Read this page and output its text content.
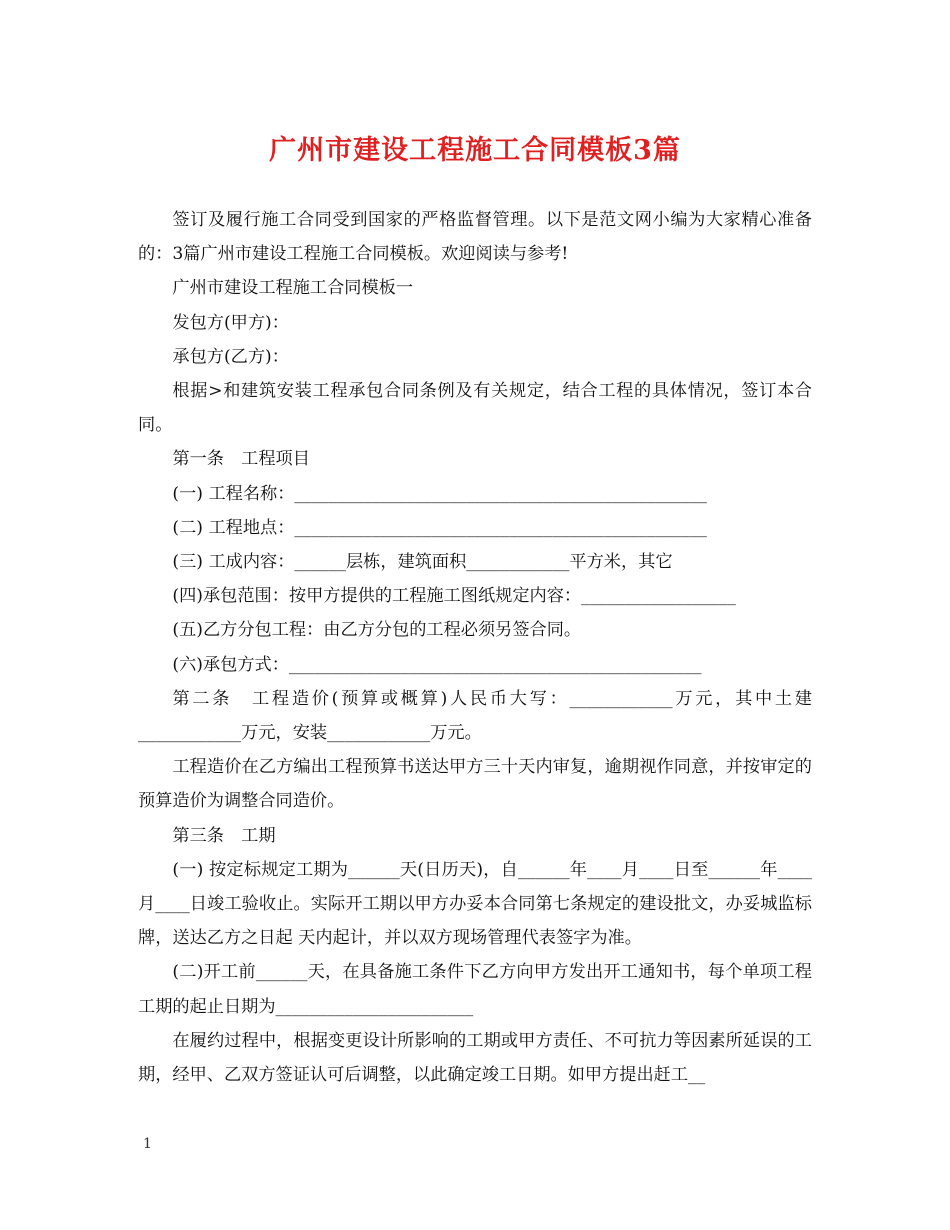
广州市建设工程施工合同模板3篇

签订及履行施工合同受到国家的严格监督管理。以下是范文网小编为大家精心准备的：3篇广州市建设工程施工合同模板。欢迎阅读与参考!

广州市建设工程施工合同模板一

发包方(甲方)：

承包方(乙方)：

根据>和建筑安装工程承包合同条例及有关规定，结合工程的具体情况，签订本合同。

第一条　工程项目

(一) 工程名称：________________________________________________

(二) 工程地点：________________________________________________

(三) 工成内容：______层栋，建筑面积____________平方米，其它

(四)承包范围：按甲方提供的工程施工图纸规定内容：__________________

(五)乙方分包工程：由乙方分包的工程必须另签合同。

(六)承包方式：________________________________________________

第二条　工程造价(预算或概算)人民币大写：____________万元，其中土建____________万元，安装____________万元。

工程造价在乙方编出工程预算书送达甲方三十天内审复，逾期视作同意，并按审定的预算造价为调整合同造价。

第三条　工期

(一) 按定标规定工期为______天(日历天)，自______年____月____日至______年____月____日竣工验收止。实际开工期以甲方办妥本合同第七条规定的建设批文，办妥城监标牌，送达乙方之日起 天内起计，并以双方现场管理代表签字为准。

(二)开工前______天，在具备施工条件下乙方向甲方发出开工通知书，每个单项工程工期的起止日期为_______________________

在履约过程中，根据变更设计所影响的工期或甲方责任、不可抗力等因素所延误的工期，经甲、乙双方签证认可后调整，以此确定竣工日期。如甲方提出赶工__

1
